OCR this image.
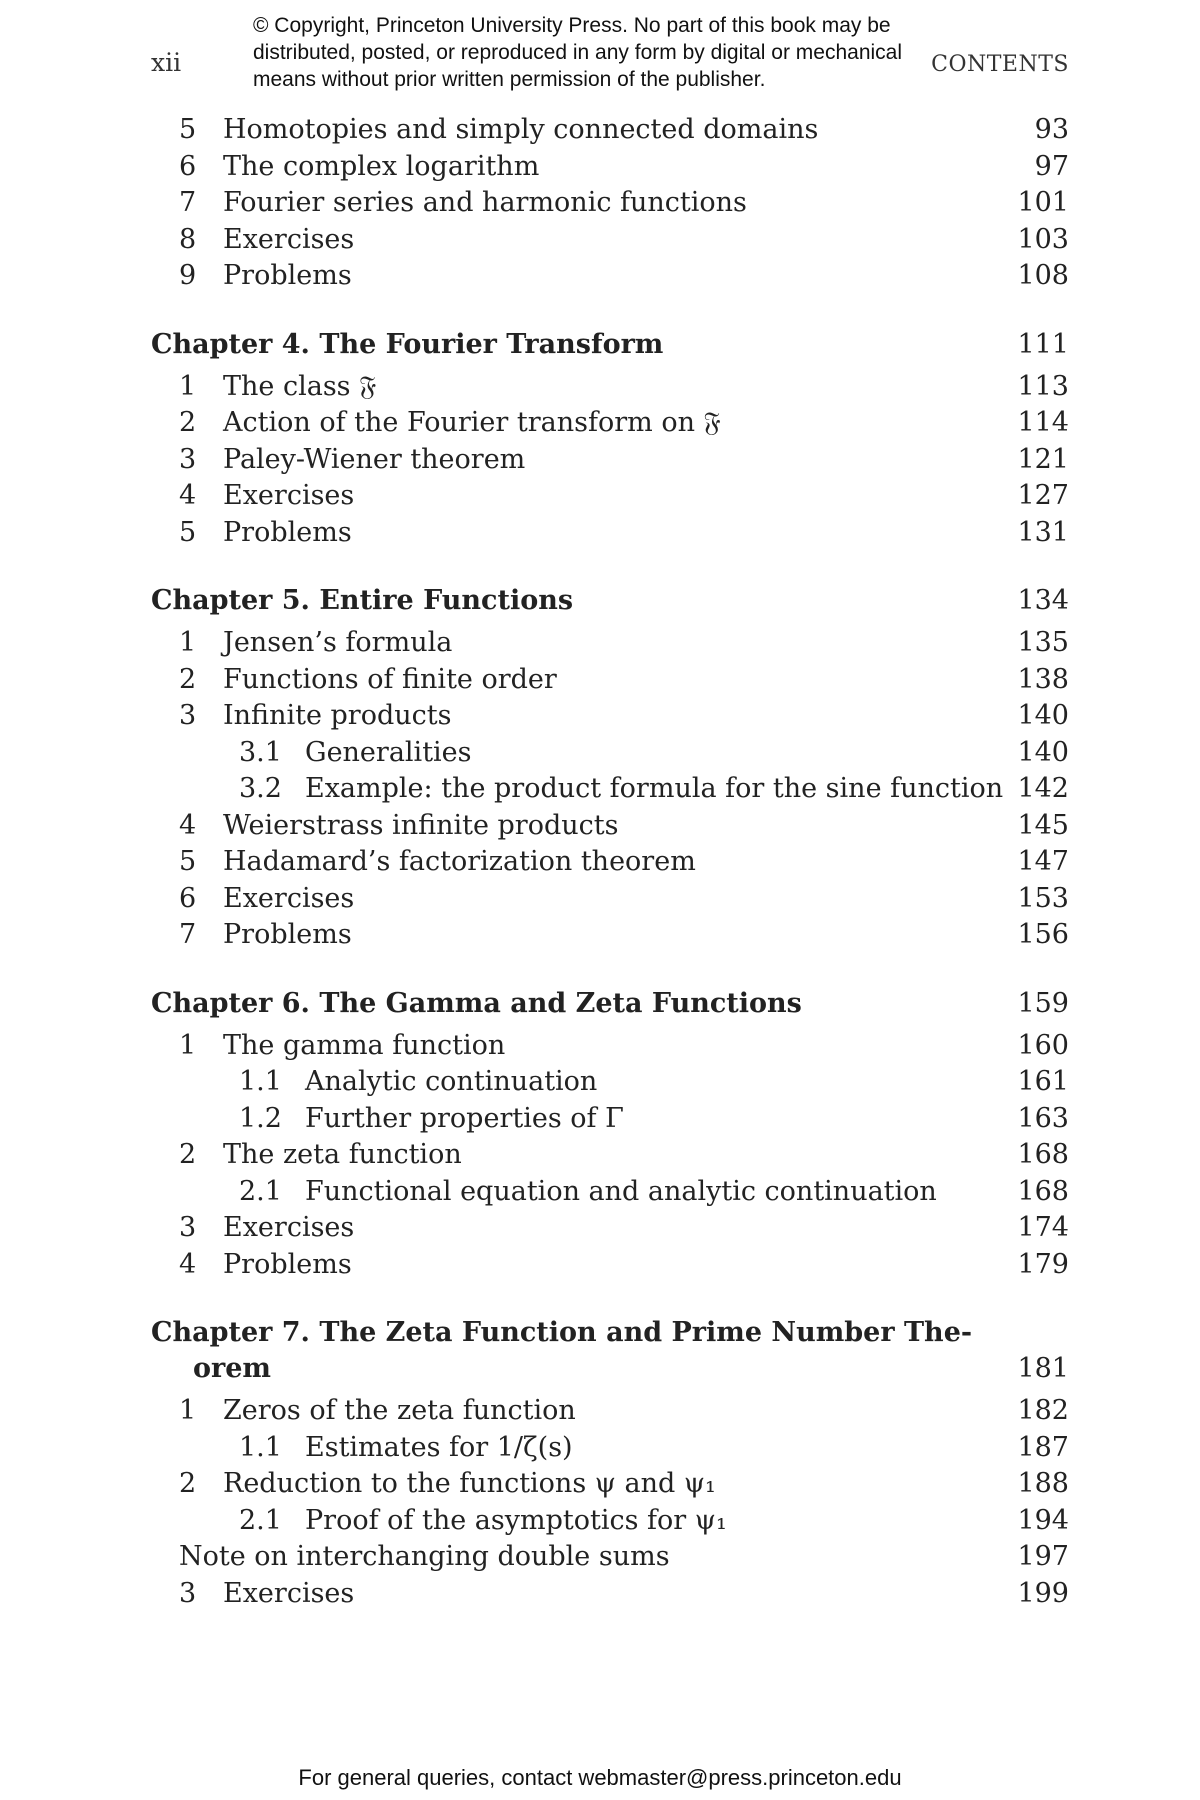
xii
© Copyright, Princeton University Press. No part of this book may be
distributed, posted, or reproduced in any form by digital or mechanical
means without prior written permission of the publisher.
CONTENTS
5 Homotopies and simply connected domains	93
6 The complex logarithm	97
7 Fourier series and harmonic functions	101
8 Exercises	103
9 Problems	108
Chapter 4. The Fourier Transform	111
1 The class 𝔉	113
2 Action of the Fourier transform on 𝔉	114
3 Paley-Wiener theorem	121
4 Exercises	127
5 Problems	131
Chapter 5. Entire Functions	134
1 Jensen’s formula	135
2 Functions of finite order	138
3 Infinite products	140
3.1 Generalities	140
3.2 Example: the product formula for the sine function 142
4 Weierstrass infinite products	145
5 Hadamard’s factorization theorem	147
6 Exercises	153
7 Problems	156
Chapter 6. The Gamma and Zeta Functions	159
1 The gamma function	160
1.1 Analytic continuation	161
1.2 Further properties of Γ	163
2 The zeta function	168
2.1 Functional equation and analytic continuation	168
3 Exercises	174
4 Problems	179
Chapter 7. The Zeta Function and Prime Number The-
orem	181
1 Zeros of the zeta function	182
1.1 Estimates for 1/ζ(s)	187
2 Reduction to the functions ψ and ψ₁	188
2.1 Proof of the asymptotics for ψ₁	194
Note on interchanging double sums	197
3 Exercises	199
For general queries, contact webmaster@press.princeton.edu
